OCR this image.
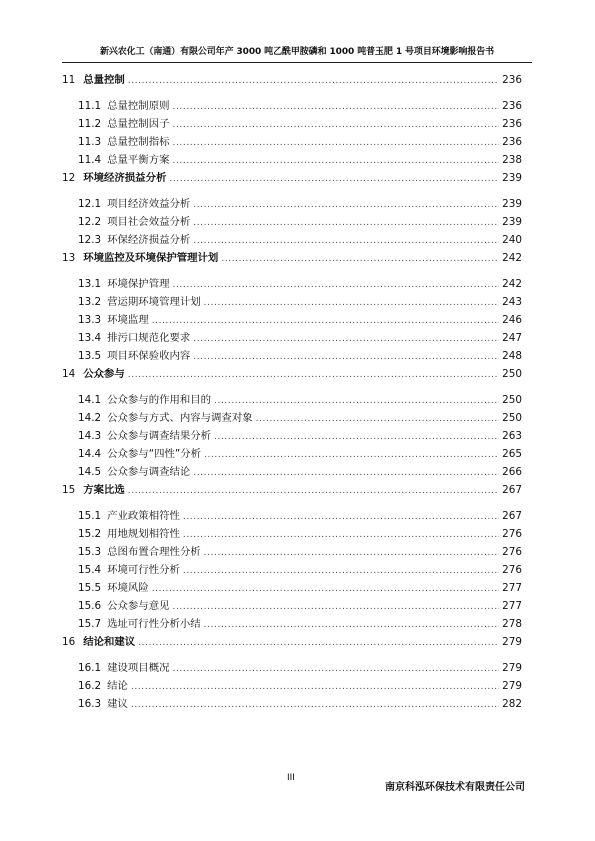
新兴农化工（南通）有限公司年产 3000 吨乙酰甲胺磷和 1000 吨普玉肥 1 号项目环境影响报告书
11 总量控制 .....	236
11.1 总量控制原则 .....	236
11.2 总量控制因子 .....	236
11.3 总量控制指标 .....	236
11.4 总量平衡方案 .....	238
12 环境经济损益分析 .....	239
12.1 项目经济效益分析 .....	239
12.2 项目社会效益分析 .....	239
12.3 环保经济损益分析 .....	240
13 环境监控及环境保护管理计划 .....	242
13.1 环境保护管理 .....	242
13.2 营运期环境管理计划 .....	243
13.3 环境监理 .....	246
13.4 排污口规范化要求 .....	247
13.5 项目环保验收内容 .....	248
14 公众参与 .....	250
14.1 公众参与的作用和目的 .....	250
14.2 公众参与方式、内容与调查对象 .....	250
14.3 公众参与调查结果分析 .....	263
14.4 公众参与“四性”分析 .....	265
14.5 公众参与调查结论 .....	266
15 方案比选 .....	267
15.1 产业政策相符性 .....	267
15.2 用地规划相符性 .....	276
15.3 总图布置合理性分析 .....	276
15.4 环境可行性分析 .....	276
15.5 环境风险 .....	277
15.6 公众参与意见 .....	277
15.7 选址可行性分析小结 .....	278
16 结论和建议 .....	279
16.1 建设项目概况 .....	279
16.2 结论 .....	279
16.3 建议 .....	282
III
南京科泓环保技术有限责任公司
